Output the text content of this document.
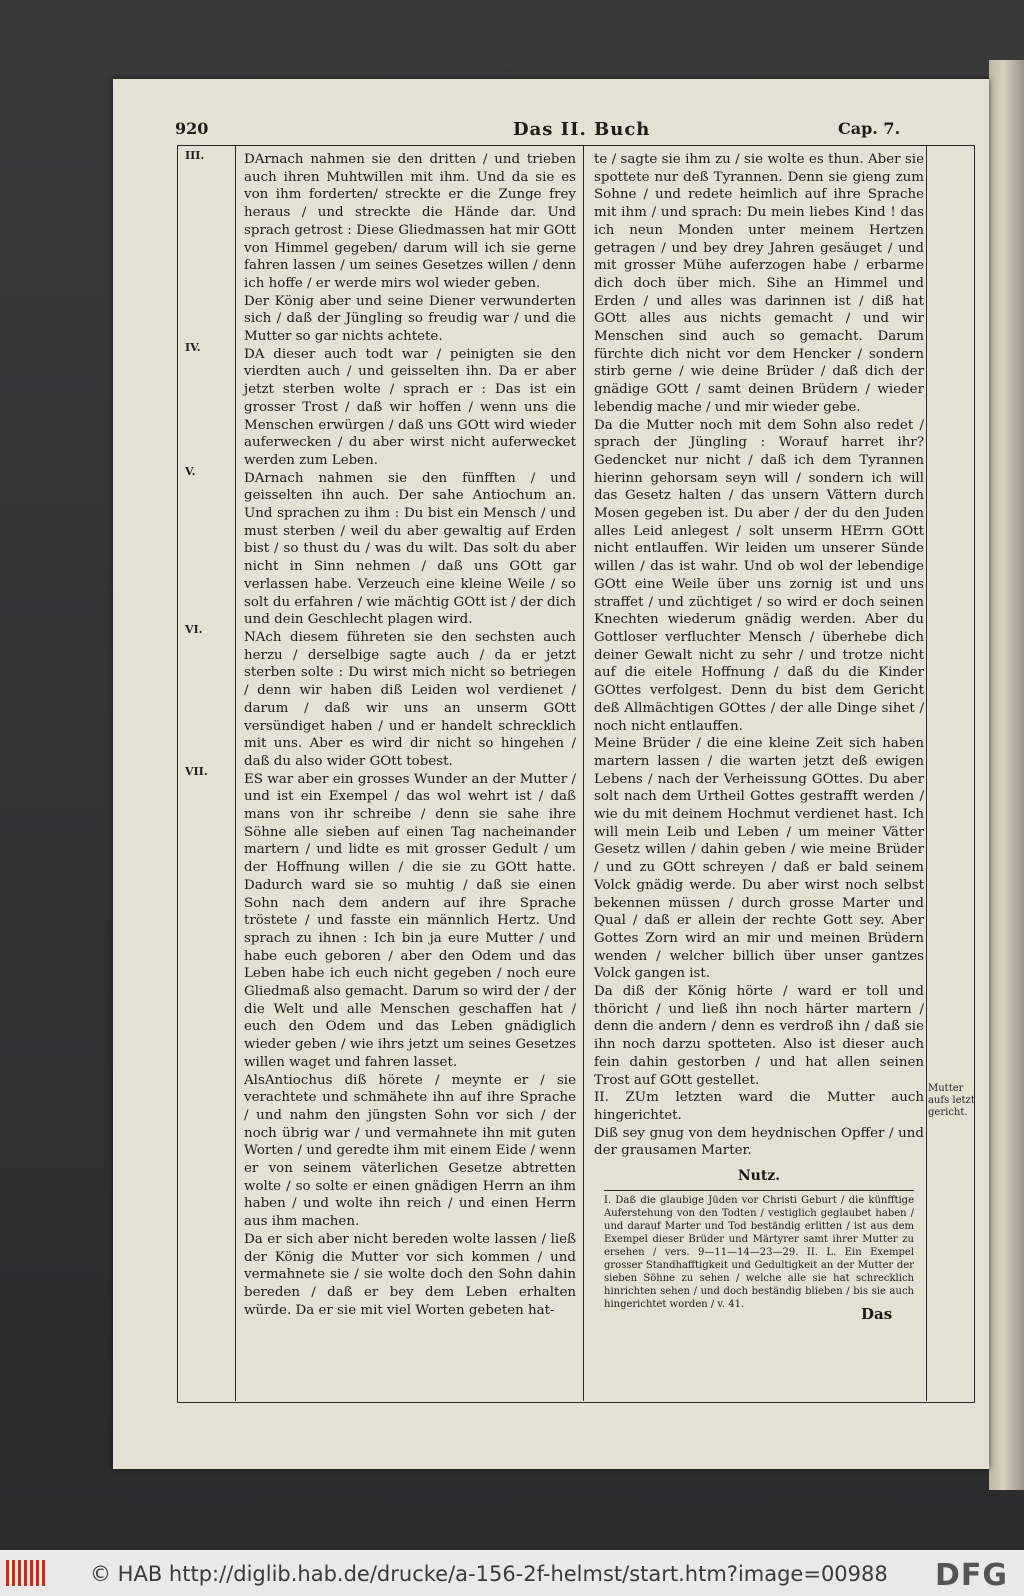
920	Das II. Buch	Cap. 7.
III.
IV.
V.
VI.
VII.

DArnach nahmen sie den dritten / und trieben auch ihren Muhtwillen mit ihm. Und da sie es von ihm forderten/ streckte er die Zunge frey heraus / und streckte die Hände dar. Und sprach getrost : Diese Gliedmassen hat mir GOtt von Himmel gegeben/ darum will ich sie gerne fahren lassen / um seines Gesetzes willen / denn ich hoffe / er werde mirs wol wieder geben.

Der König aber und seine Diener verwunderten sich / daß der Jüngling so freudig war / und die Mutter so gar nichts achtete.

DA dieser auch todt war / peinigten sie den vierdten auch / und geisselten ihn. Da er aber jetzt sterben wolte / sprach er : Das ist ein grosser Trost / daß wir hoffen / wenn uns die Menschen erwürgen / daß uns GOtt wird wieder auferwecken / du aber wirst nicht auferwecket werden zum Leben.

DArnach nahmen sie den fünfften / und geisselten ihn auch. Der sahe Antiochum an. Und sprachen zu ihm : Du bist ein Mensch / und must sterben / weil du aber gewaltig auf Erden bist / so thust du / was du wilt. Das solt du aber nicht in Sinn nehmen / daß uns GOtt gar verlassen habe. Verzeuch eine kleine Weile / so solt du erfahren / wie mächtig GOtt ist / der dich und dein Geschlecht plagen wird.

NAch diesem führeten sie den sechsten auch herzu / derselbige sagte auch / da er jetzt sterben solte : Du wirst mich nicht so betriegen / denn wir haben diß Leiden wol verdienet / darum / daß wir uns an unserm GOtt versündiget haben / und er handelt schrecklich mit uns. Aber es wird dir nicht so hingehen / daß du also wider GOtt tobest.

ES war aber ein grosses Wunder an der Mutter / und ist ein Exempel / das wol wehrt ist / daß mans von ihr schreibe / denn sie sahe ihre Söhne alle sieben auf einen Tag nacheinander martern / und lidte es mit grosser Gedult / um der Hoffnung willen / die sie zu GOtt hatte. Dadurch ward sie so muhtig / daß sie einen Sohn nach dem andern auf ihre Sprache tröstete / und fasste ein männlich Hertz. Und sprach zu ihnen : Ich bin ja eure Mutter / und habe euch geboren / aber den Odem und das Leben habe ich euch nicht gegeben / noch eure Gliedmaß also gemacht. Darum so wird der / der die Welt und alle Menschen geschaffen hat / euch den Odem und das Leben gnädiglich wieder geben / wie ihrs jetzt um seines Gesetzes willen waget und fahren lasset.

AlsAntiochus diß hörete / meynte er / sie verachtete und schmähete ihn auf ihre Sprache / und nahm den jüngsten Sohn vor sich / der noch übrig war / und vermahnete ihn mit guten Worten / und geredte ihm mit einem Eide / wenn er von seinem väterlichen Gesetze abtretten wolte / so solte er einen gnädigen Herrn an ihm haben / und wolte ihn reich / und einen Herrn aus ihm machen.

Da er sich aber nicht bereden wolte lassen / ließ der König die Mutter vor sich kommen / und vermahnete sie / sie wolte doch den Sohn dahin bereden / daß er bey dem Leben erhalten würde. Da er sie mit viel Worten gebeten hat-

te / sagte sie ihm zu / sie wolte es thun. Aber sie spottete nur deß Tyrannen. Denn sie gieng zum Sohne / und redete heimlich auf ihre Sprache mit ihm / und sprach: Du mein liebes Kind ! das ich neun Monden unter meinem Hertzen getragen / und bey drey Jahren gesäuget / und mit grosser Mühe auferzogen habe / erbarme dich doch über mich. Sihe an Himmel und Erden / und alles was darinnen ist / diß hat GOtt alles aus nichts gemacht / und wir Menschen sind auch so gemacht. Darum fürchte dich nicht vor dem Hencker / sondern stirb gerne / wie deine Brüder / daß dich der gnädige GOtt / samt deinen Brüdern / wieder lebendig mache / und mir wieder gebe.

Da die Mutter noch mit dem Sohn also redet / sprach der Jüngling : Worauf harret ihr? Gedencket nur nicht / daß ich dem Tyrannen hierinn gehorsam seyn will / sondern ich will das Gesetz halten / das unsern Vättern durch Mosen gegeben ist. Du aber / der du den Juden alles Leid anlegest / solt unserm HErrn GOtt nicht entlauffen. Wir leiden um unserer Sünde willen / das ist wahr. Und ob wol der lebendige GOtt eine Weile über uns zornig ist und uns straffet / und züchtiget / so wird er doch seinen Knechten wiederum gnädig werden. Aber du Gottloser verfluchter Mensch / überhebe dich deiner Gewalt nicht zu sehr / und trotze nicht auf die eitele Hoffnung / daß du die Kinder GOttes verfolgest. Denn du bist dem Gericht deß Allmächtigen GOttes / der alle Dinge sihet / noch nicht entlauffen.

Meine Brüder / die eine kleine Zeit sich haben martern lassen / die warten jetzt deß ewigen Lebens / nach der Verheissung GOttes. Du aber solt nach dem Urtheil Gottes gestrafft werden / wie du mit deinem Hochmut verdienet hast. Ich will mein Leib und Leben / um meiner Vätter Gesetz willen / dahin geben / wie meine Brüder / und zu GOtt schreyen / daß er bald seinem Volck gnädig werde. Du aber wirst noch selbst bekennen müssen / durch grosse Marter und Qual / daß er allein der rechte Gott sey. Aber Gottes Zorn wird an mir und meinen Brüdern wenden / welcher billich über unser gantzes Volck gangen ist.

Da diß der König hörte / ward er toll und thöricht / und ließ ihn noch härter martern / denn die andern / denn es verdroß ihn / daß sie ihn noch darzu spotteten. Also ist dieser auch fein dahin gestorben / und hat allen seinen Trost auf GOtt gestellet.

II. ZUm letzten ward die Mutter auch hingerichtet.

Diß sey gnug von dem heydnischen Opffer / und der grausamen Marter.

Nutz.
I. Daß die glaubige Jüden vor Christi Geburt / die künfftige Auferstehung von den Todten / vestiglich geglaubet haben / und darauf Marter und Tod beständig erlitten / ist aus dem Exempel dieser Brüder und Märtyrer samt ihrer Mutter zu ersehen / vers. 9—11—14—23—29. II. L. Ein Exempel grosser Standhafftigkeit und Gedultigkeit an der Mutter der sieben Söhne zu sehen / welche alle sie hat schrecklich hinrichten sehen / und doch beständig blieben / bis sie auch hingerichtet worden / v. 41.
Mutter aufs letzt gericht.
Das
© HAB http://diglib.hab.de/drucke/a-156-2f-helmst/start.htm?image=00988 DFG
